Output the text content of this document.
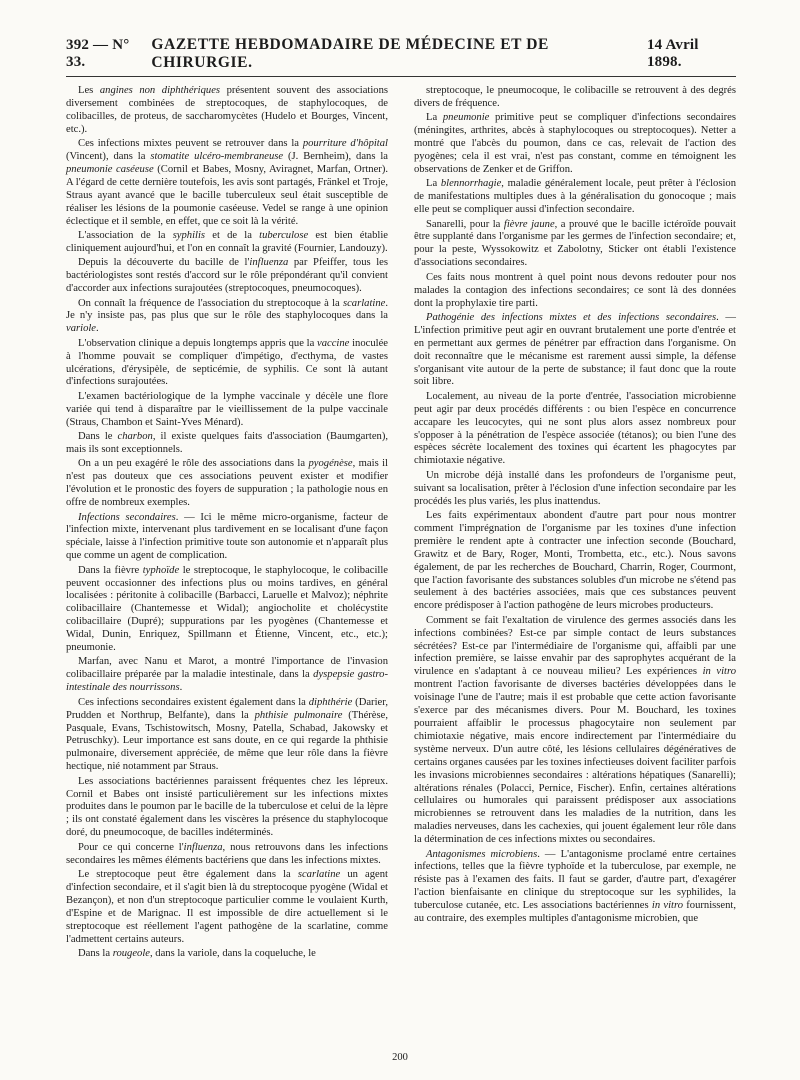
392 — N° 33.
GAZETTE HEBDOMADAIRE DE MÉDECINE ET DE CHIRURGIE.
14 Avril 1898.

Les angines non diphthériques présentent souvent des associations diversement combinées de streptocoques, de staphylocoques, de colibacilles, de proteus, de saccharomycètes (Hudelo et Bourges, Vincent, etc.).

Ces infections mixtes peuvent se retrouver dans la pourriture d'hôpital (Vincent), dans la stomatite ulcéro-membraneuse (J. Bernheim), dans la pneumonie caséeuse (Cornil et Babes, Mosny, Aviragnet, Marfan, Ortner). A l'égard de cette dernière toutefois, les avis sont partagés, Fränkel et Troje, Straus ayant avancé que le bacille tuberculeux seul était susceptible de réaliser les lésions de la poumonie caséeuse. Vedel se range à une opinion éclectique et il semble, en effet, que ce soit là la vérité.

L'association de la syphilis et de la tuberculose est bien établie cliniquement aujourd'hui, et l'on en connaît la gravité (Fournier, Landouzy).

Depuis la découverte du bacille de l'influenza par Pfeiffer, tous les bactériologistes sont restés d'accord sur le rôle prépondérant qu'il convient d'accorder aux infections surajoutées (streptocoques, pneumocoques).

On connaît la fréquence de l'association du streptocoque à la scarlatine. Je n'y insiste pas, pas plus que sur le rôle des staphylocoques dans la variole.

L'observation clinique a depuis longtemps appris que la vaccine inoculée à l'homme pouvait se compliquer d'impétigo, d'ecthyma, de vastes ulcérations, d'érysipèle, de septicémie, de syphilis. Ce sont là autant d'infections surajoutées.

L'examen bactériologique de la lymphe vaccinale y décèle une flore variée qui tend à disparaître par le vieillissement de la pulpe vaccinale (Straus, Chambon et Saint-Yves Ménard).

Dans le charbon, il existe quelques faits d'association (Baumgarten), mais ils sont exceptionnels.

On a un peu exagéré le rôle des associations dans la pyogénèse, mais il n'est pas douteux que ces associations peuvent exister et modifier l'évolution et le pronostic des foyers de suppuration ; la pathologie nous en offre de nombreux exemples.

Infections secondaires. — Ici le même micro-organisme, facteur de l'infection mixte, intervenant plus tardivement en se localisant d'une façon spéciale, laisse à l'infection primitive toute son autonomie et n'apparaît plus que comme un agent de complication.

Dans la fièvre typhoïde le streptocoque, le staphylocoque, le colibacille peuvent occasionner des infections plus ou moins tardives, en général localisées : péritonite à colibacille (Barbacci, Laruelle et Malvoz); néphrite colibacillaire (Chantemesse et Widal); angiocholite et cholécystite colibacillaire (Dupré); suppurations par les pyogènes (Chantemesse et Widal, Dunin, Enriquez, Spillmann et Étienne, Vincent, etc., etc.); pneumonie.

Marfan, avec Nanu et Marot, a montré l'importance de l'invasion colibacillaire préparée par la maladie intestinale, dans la dyspepsie gastro-intestinale des nourrissons.

Ces infections secondaires existent également dans la diphthérie (Darier, Prudden et Northrup, Belfante), dans la phthisie pulmonaire (Thérèse, Pasquale, Evans, Tschistowitsch, Mosny, Patella, Schabad, Jakowsky et Petruschky). Leur importance est sans doute, en ce qui regarde la phthisie pulmonaire, diversement appréciée, de même que leur rôle dans la fièvre hectique, nié notamment par Straus.

Les associations bactériennes paraissent fréquentes chez les lépreux. Cornil et Babes ont insisté particulièrement sur les infections mixtes produites dans le poumon par le bacille de la tuberculose et celui de la lèpre ; ils ont constaté également dans les viscères la présence du staphylocoque doré, du pneumocoque, de bacilles indéterminés.

Pour ce qui concerne l'influenza, nous retrouvons dans les infections secondaires les mêmes éléments bactériens que dans les infections mixtes.

Le streptocoque peut être également dans la scarlatine un agent d'infection secondaire, et il s'agit bien là du streptocoque pyogène (Widal et Bezançon), et non d'un streptocoque particulier comme le voulaient Kurth, d'Espine et de Marignac. Il est impossible de dire actuellement si le streptocoque est réellement l'agent pathogène de la scarlatine, comme l'admettent certains auteurs.

Dans la rougeole, dans la variole, dans la coqueluche, le

streptocoque, le pneumocoque, le colibacille se retrouvent à des degrés divers de fréquence.

La pneumonie primitive peut se compliquer d'infections secondaires (méningites, arthrites, abcès à staphylocoques ou streptocoques). Netter a montré que l'abcès du poumon, dans ce cas, relevait de l'action des pyogènes; cela il est vrai, n'est pas constant, comme en témoignent les observations de Zenker et de Griffon.

La blennorrhagie, maladie généralement locale, peut prêter à l'éclosion de manifestations multiples dues à la généralisation du gonocoque ; mais elle peut se compliquer aussi d'infection secondaire.

Sanarelli, pour la fièvre jaune, a prouvé que le bacille ictéroïde pouvait être supplanté dans l'organisme par les germes de l'infection secondaire; et, pour la peste, Wyssokowitz et Zabolotny, Sticker ont établi l'existence d'associations secondaires.

Ces faits nous montrent à quel point nous devons redouter pour nos malades la contagion des infections secondaires; ce sont là des données dont la prophylaxie tire parti.

Pathogénie des infections mixtes et des infections secondaires. — L'infection primitive peut agir en ouvrant brutalement une porte d'entrée et en permettant aux germes de pénétrer par effraction dans l'organisme. On doit reconnaître que le mécanisme est rarement aussi simple, la défense s'organisant vite autour de la perte de substance; il faut donc que la route soit libre.

Localement, au niveau de la porte d'entrée, l'association microbienne peut agir par deux procédés différents : ou bien l'espèce en concurrence accapare les leucocytes, qui ne sont plus alors assez nombreux pour s'opposer à la pénétration de l'espèce associée (tétanos); ou bien l'une des espèces sécrète localement des toxines qui écartent les phagocytes par chimiotaxie négative.

Un microbe déjà installé dans les profondeurs de l'organisme peut, suivant sa localisation, prêter à l'éclosion d'une infection secondaire par les procédés les plus variés, les plus inattendus.

Les faits expérimentaux abondent d'autre part pour nous montrer comment l'imprégnation de l'organisme par les toxines d'une infection première le rendent apte à contracter une infection seconde (Bouchard, Grawitz et de Bary, Roger, Monti, Trombetta, etc., etc.). Nous savons également, de par les recherches de Bouchard, Charrin, Roger, Courmont, que l'action favorisante des substances solubles d'un microbe ne s'étend pas seulement à des bactéries associées, mais que ces substances peuvent encore prédisposer à l'action pathogène de leurs microbes producteurs.

Comment se fait l'exaltation de virulence des germes associés dans les infections combinées? Est-ce par simple contact de leurs substances sécrétées? Est-ce par l'intermédiaire de l'organisme qui, affaibli par une infection première, se laisse envahir par des saprophytes acquérant de la virulence en s'adaptant à ce nouveau milieu? Les expériences in vitro montrent l'action favorisante de diverses bactéries développées dans le voisinage l'une de l'autre; mais il est probable que cette action favorisante s'exerce par des mécanismes divers. Pour M. Bouchard, les toxines pourraient affaiblir le processus phagocytaire non seulement par chimiotaxie négative, mais encore indirectement par l'intermédiaire du système nerveux. D'un autre côté, les lésions cellulaires dégénératives de certains organes causées par les toxines infectieuses doivent faciliter parfois les invasions microbiennes secondaires : altérations hépatiques (Sanarelli); altérations rénales (Polacci, Pernice, Fischer). Enfin, certaines altérations cellulaires ou humorales qui paraissent prédisposer aux associations microbiennes se retrouvent dans les maladies de la nutrition, dans les maladies nerveuses, dans les cachexies, qui jouent également leur rôle dans la détermination de ces infections mixtes ou secondaires.

Antagonismes microbiens. — L'antagonisme proclamé entre certaines infections, telles que la fièvre typhoïde et la tuberculose, par exemple, ne résiste pas à l'examen des faits. Il faut se garder, d'autre part, d'exagérer l'action bienfaisante en clinique du streptocoque sur les syphilides, la tuberculose cutanée, etc. Les associations bactériennes in vitro fournissent, au contraire, des exemples multiples d'antagonisme microbien, que

200
